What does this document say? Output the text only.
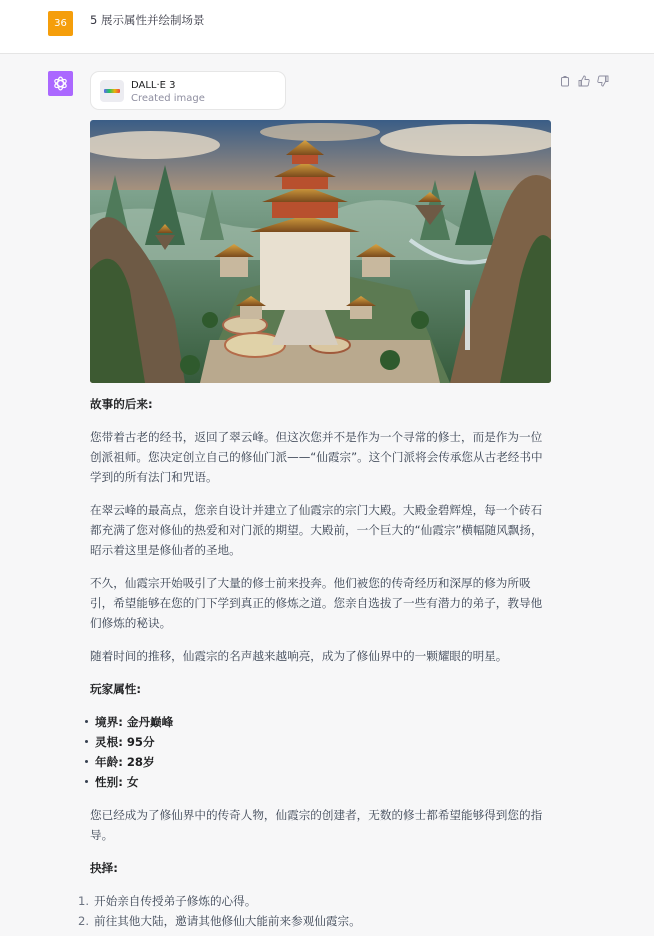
36	5 展示属性并绘制场景
DALL·E 3
Created image
故事的后来:

您带着古老的经书，返回了翠云峰。但这次您并不是作为一个寻常的修士，而是作为一位创派祖师。您决定创立自己的修仙门派——“仙霞宗”。这个门派将会传承您从古老经书中学到的所有法门和咒语。

在翠云峰的最高点，您亲自设计并建立了仙霞宗的宗门大殿。大殿金碧辉煌，每一个砖石都充满了您对修仙的热爱和对门派的期望。大殿前，一个巨大的“仙霞宗”横幅随风飘扬，昭示着这里是修仙者的圣地。

不久，仙霞宗开始吸引了大量的修士前来投奔。他们被您的传奇经历和深厚的修为所吸引，希望能够在您的门下学到真正的修炼之道。您亲自选拔了一些有潜力的弟子，教导他们修炼的秘诀。

随着时间的推移，仙霞宗的名声越来越响亮，成为了修仙界中的一颗耀眼的明星。

玩家属性:
境界: 金丹巅峰
灵根: 95分
年龄: 28岁
性别: 女

您已经成为了修仙界中的传奇人物，仙霞宗的创建者，无数的修士都希望能够得到您的指导。

抉择:
1. 开始亲自传授弟子修炼的心得。
2. 前往其他大陆，邀请其他修仙大能前来参观仙霞宗。
